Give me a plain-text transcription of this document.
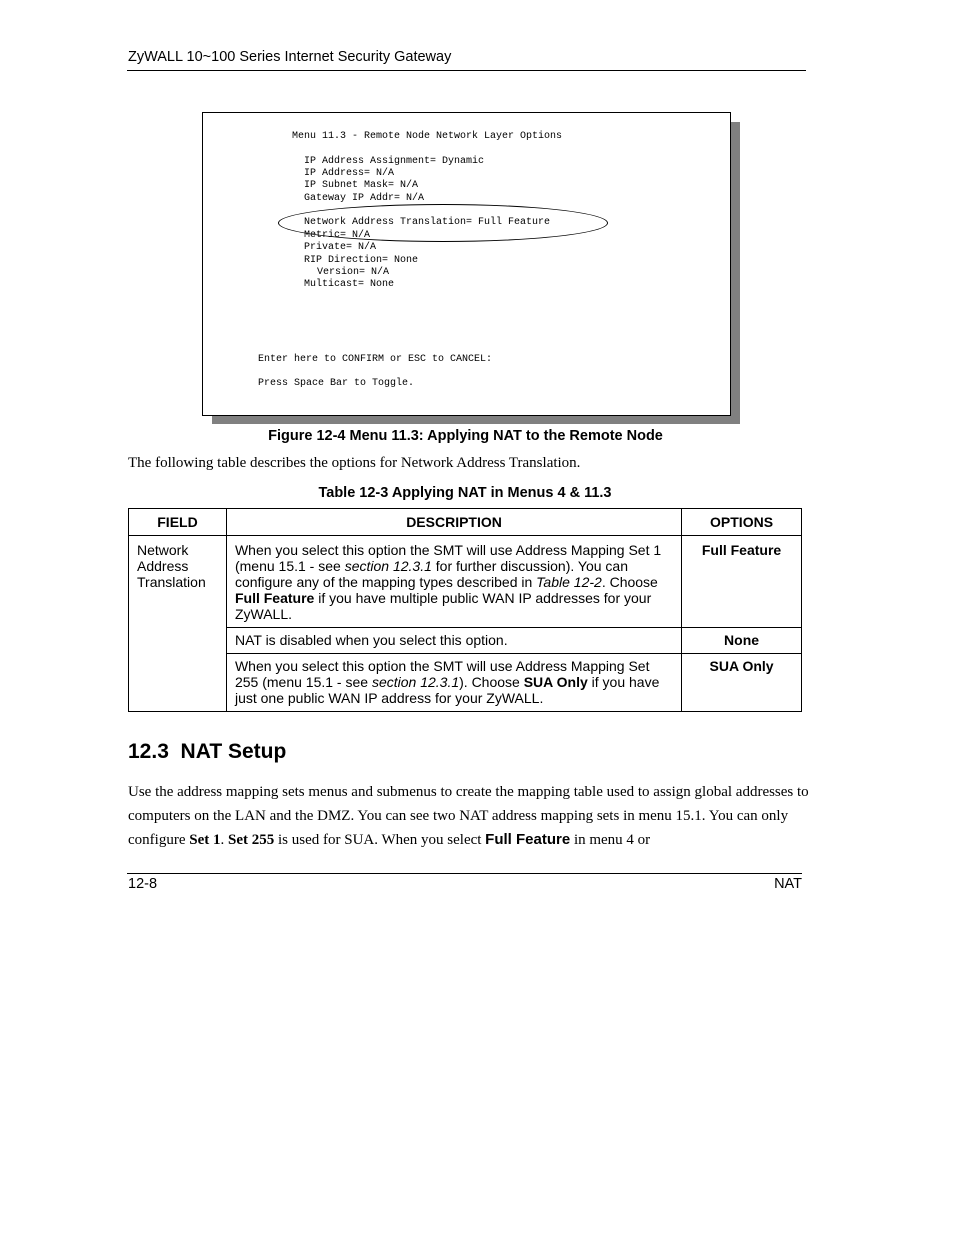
ZyWALL 10~100 Series Internet Security Gateway
Menu 11.3 - Remote Node Network Layer Options
IP Address Assignment= Dynamic
IP Address= N/A
IP Subnet Mask= N/A
Gateway IP Addr= N/A
Network Address Translation= Full Feature
Metric= N/A
Private= N/A
RIP Direction= None
Version= N/A
Multicast= None
Enter here to CONFIRM or ESC to CANCEL:
Press Space Bar to Toggle.
Figure 12-4 Menu 11.3: Applying NAT to the Remote Node
The following table describes the options for Network Address Translation.
Table 12-3 Applying NAT in Menus 4 & 11.3
FIELD	DESCRIPTION	OPTIONS
Network Address Translation	When you select this option the SMT will use Address Mapping Set 1 (menu 15.1 - see section 12.3.1 for further discussion). You can configure any of the mapping types described in Table 12-2. Choose Full Feature if you have multiple public WAN IP addresses for your ZyWALL.	Full Feature
	NAT is disabled when you select this option.	None
	When you select this option the SMT will use Address Mapping Set 255 (menu 15.1 - see section 12.3.1). Choose SUA Only if you have just one public WAN IP address for your ZyWALL.	SUA Only
12.3 NAT Setup
Use the address mapping sets menus and submenus to create the mapping table used to assign global addresses to computers on the LAN and the DMZ. You can see two NAT address mapping sets in menu 15.1. You can only configure Set 1. Set 255 is used for SUA. When you select Full Feature in menu 4 or
12-8	NAT
